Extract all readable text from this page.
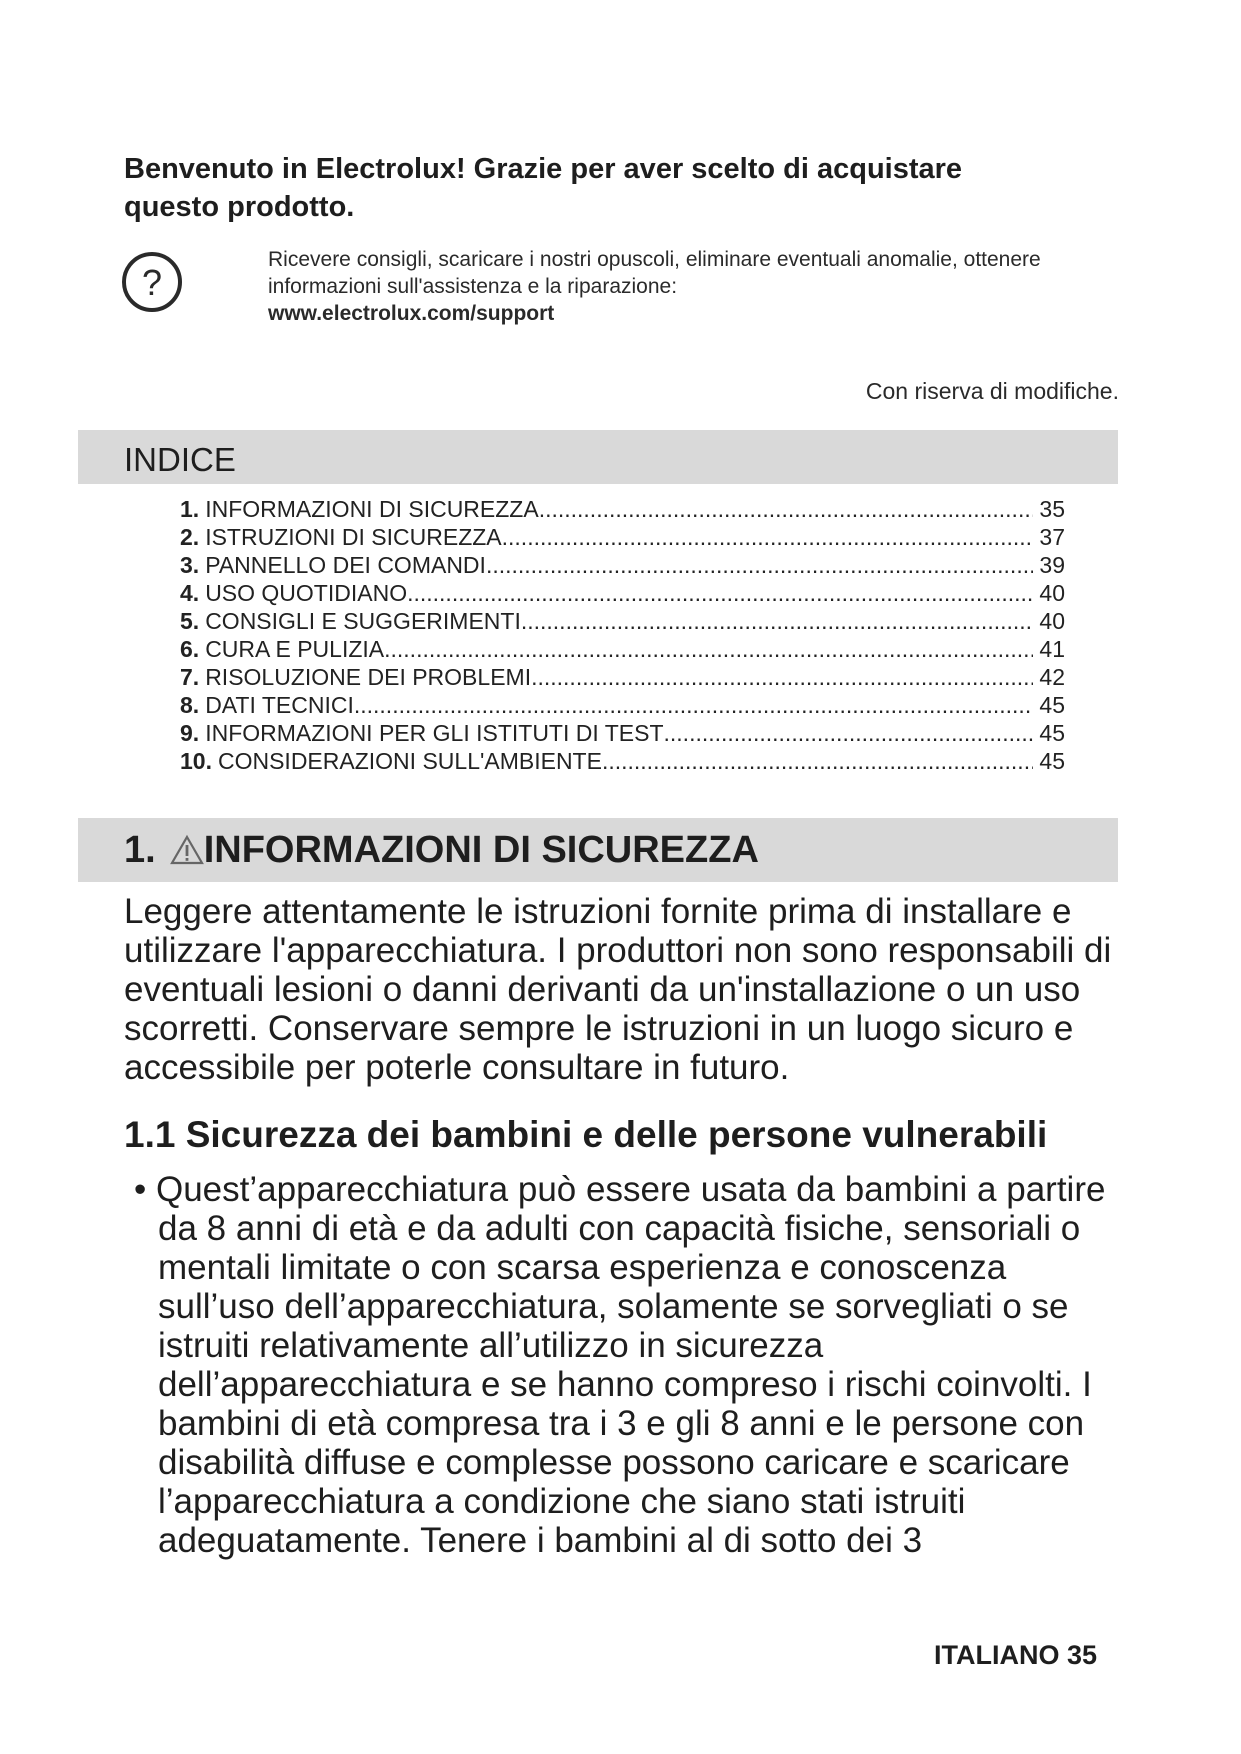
Benvenuto in Electrolux! Grazie per aver scelto di acquistare questo prodotto.
?
Ricevere consigli, scaricare i nostri opuscoli, eliminare eventuali anomalie, ottenere informazioni sull'assistenza e la riparazione:
www.electrolux.com/support
Con riserva di modifiche.
INDICE
1. INFORMAZIONI DI SICUREZZA .....	35
2. ISTRUZIONI DI SICUREZZA .....	37
3. PANNELLO DEI COMANDI .....	39
4. USO QUOTIDIANO .....	40
5. CONSIGLI E SUGGERIMENTI .....	40
6. CURA E PULIZIA .....	41
7. RISOLUZIONE DEI PROBLEMI .....	42
8. DATI TECNICI .....	45
9. INFORMAZIONI PER GLI ISTITUTI DI TEST .....	45
10. CONSIDERAZIONI SULL'AMBIENTE .....	45
1. INFORMAZIONI DI SICUREZZA
Leggere attentamente le istruzioni fornite prima di installare e utilizzare l'apparecchiatura. I produttori non sono responsabili di eventuali lesioni o danni derivanti da un'installazione o un uso scorretti. Conservare sempre le istruzioni in un luogo sicuro e accessibile per poterle consultare in futuro.
1.1 Sicurezza dei bambini e delle persone vulnerabili
• Quest’apparecchiatura può essere usata da bambini a partire da 8 anni di età e da adulti con capacità fisiche, sensoriali o mentali limitate o con scarsa esperienza e conoscenza sull’uso dell’apparecchiatura, solamente se sorvegliati o se istruiti relativamente all’utilizzo in sicurezza dell’apparecchiatura e se hanno compreso i rischi coinvolti. I bambini di età compresa tra i 3 e gli 8 anni e le persone con disabilità diffuse e complesse possono caricare e scaricare l’apparecchiatura a condizione che siano stati istruiti adeguatamente. Tenere i bambini al di sotto dei 3
ITALIANO 35
